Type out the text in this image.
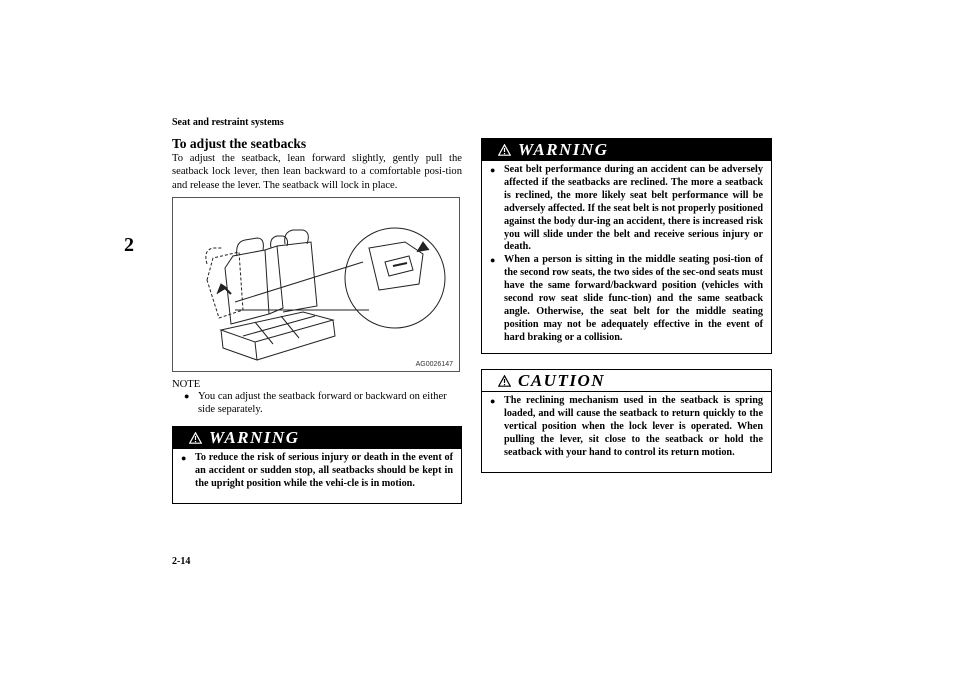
Seat and restraint systems
2
2-14
To adjust the seatbacks
To adjust the seatback, lean forward slightly, gently pull the seatback lock lever, then lean backward to a comfortable posi-tion and release the lever. The seatback will lock in place.
AG0026147
NOTE
● You can adjust the seatback forward or backward on either side separately.
WARNING
● To reduce the risk of serious injury or death in the event of an accident or sudden stop, all seatbacks should be kept in the upright position while the vehi-cle is in motion.
WARNING
● Seat belt performance during an accident can be adversely affected if the seatbacks are reclined. The more a seatback is reclined, the more likely seat belt performance will be adversely affected. If the seat belt is not properly positioned against the body dur-ing an accident, there is increased risk you will slide under the belt and receive serious injury or death.
● When a person is sitting in the middle seating posi-tion of the second row seats, the two sides of the sec-ond seats must have the same forward/backward position (vehicles with second row seat slide func-tion) and the same seatback angle. Otherwise, the seat belt for the middle seating position may not be adequately effective in the event of hard braking or a collision.
CAUTION
● The reclining mechanism used in the seatback is spring loaded, and will cause the seatback to return quickly to the vertical position when the lock lever is operated. When pulling the lever, sit close to the seatback or hold the seatback with your hand to control its return motion.
